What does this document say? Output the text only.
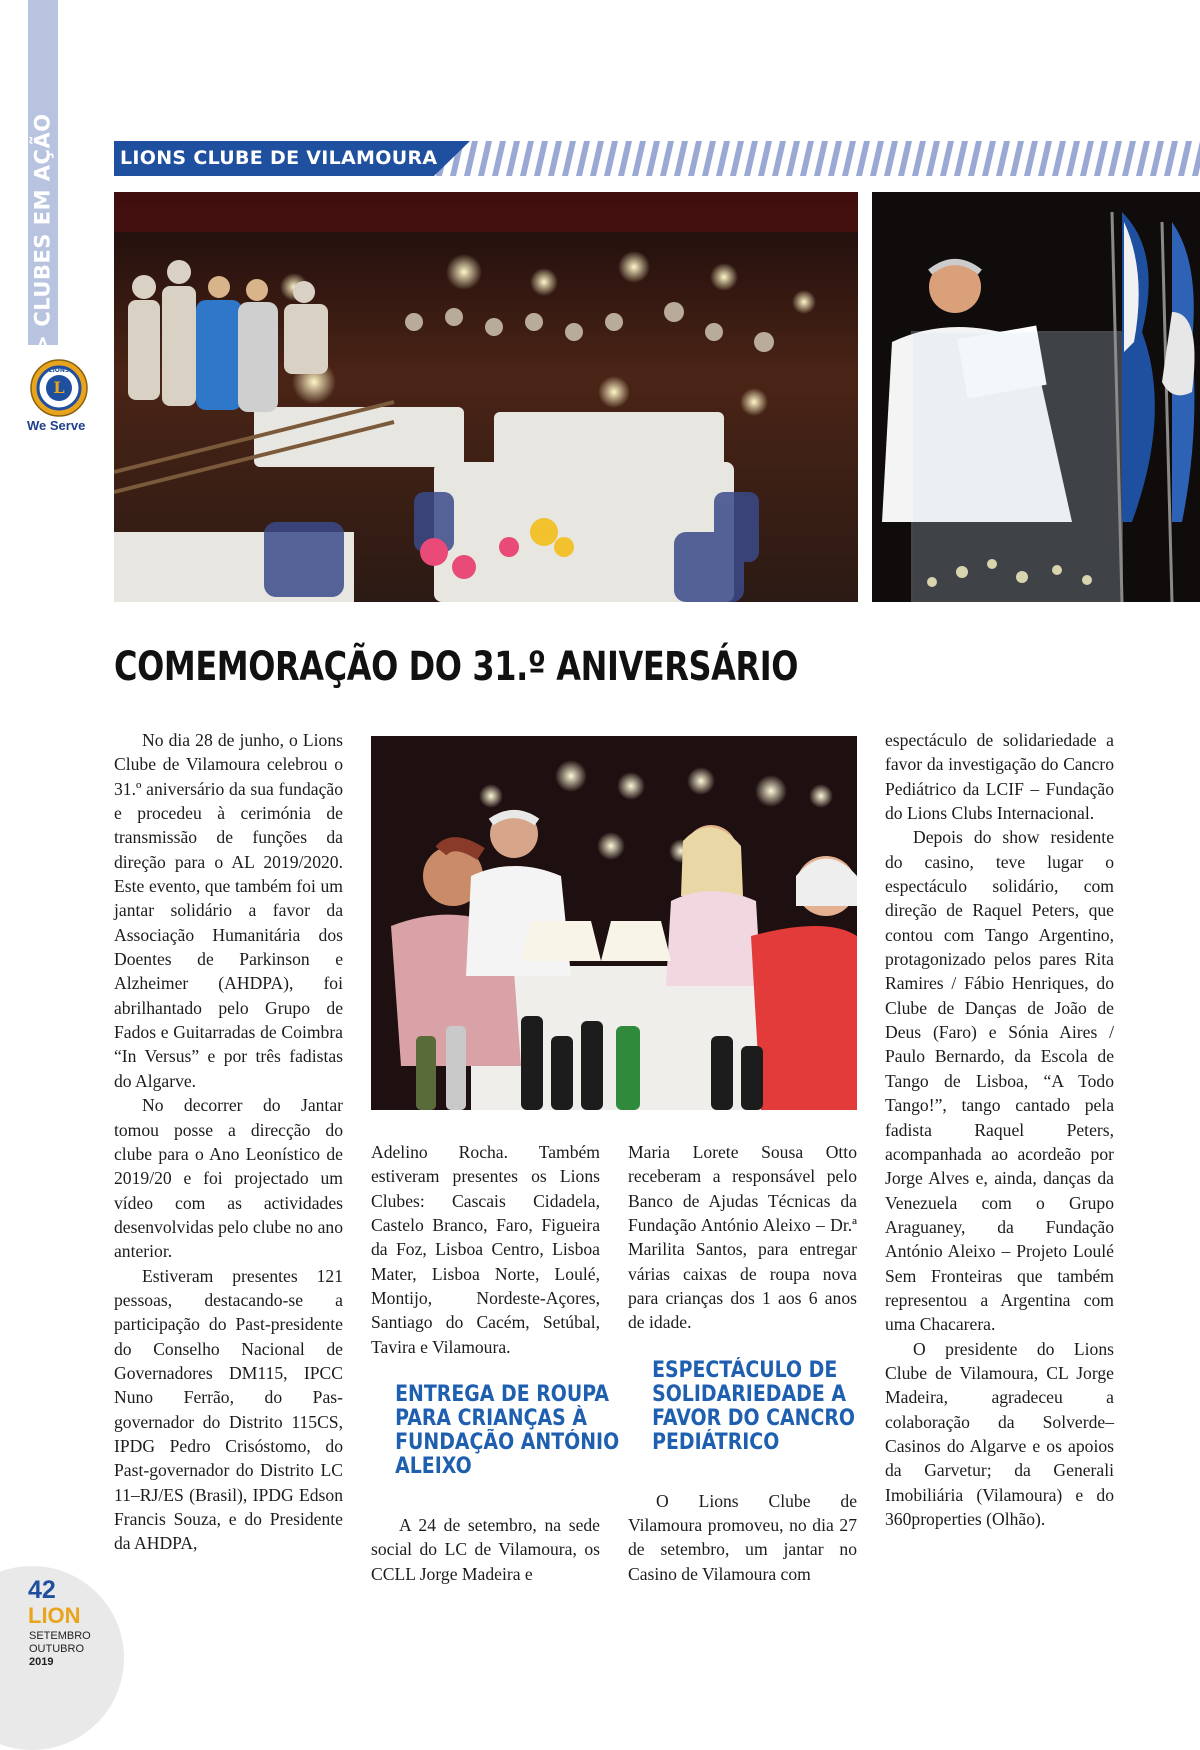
> CLUBES EM AÇÃO
L
LIONS
We Serve
LIONS CLUBE DE VILAMOURA
COMEMORAÇÃO DO 31.º ANIVERSÁRIO

No dia 28 de junho, o Lions Clube de Vilamoura celebrou o 31.º aniversário da sua fundação e procedeu à cerimónia de transmissão de funções da direção para o AL 2019/2020. Este evento, que também foi um jantar solidário a favor da Associação Humanitária dos Doentes de Parkinson e Alzheimer (AHDPA), foi abrilhantado pelo Grupo de Fados e Guitarradas de Coimbra “In Versus” e por três fadistas do Algarve.

No decorrer do Jantar tomou posse a direcção do clube para o Ano Leonístico de 2019/20 e foi projectado um vídeo com as actividades desenvolvidas pelo clube no ano anterior.

Estiveram presentes 121 pessoas, destacando-se a participação do Past-presidente do Conselho Nacional de Governadores DM115, IPCC Nuno Ferrão, do Pas-governador do Distrito 115CS, IPDG Pedro Crisóstomo, do Past-governador do Distrito LC 11–RJ/ES (Brasil), IPDG Edson Francis Souza, e do Presidente da AHDPA,

Adelino Rocha. Também estiveram presentes os Lions Clubes: Cascais Cidadela, Castelo Branco, Faro, Figueira da Foz, Lisboa Centro, Lisboa Mater, Lisboa Norte, Loulé, Montijo, Nordeste-Açores, Santiago do Cacém, Setúbal, Tavira e Vilamoura.

ENTREGA DE ROUPA

PARA CRIANÇAS À

FUNDAÇÃO ANTÓNIO

ALEIXO

A 24 de setembro, na sede social do LC de Vilamoura, os CCLL Jorge Madeira e

Maria Lorete Sousa Otto receberam a responsável pelo Banco de Ajudas Técnicas da Fundação António Aleixo – Dr.ª Marilita Santos, para entregar várias caixas de roupa nova para crianças dos 1 aos 6 anos de idade.

ESPECTÁCULO DE

SOLIDARIEDADE A

FAVOR DO CANCRO

PEDIÁTRICO

O Lions Clube de Vilamoura promoveu, no dia 27 de setembro, um jantar no Casino de Vilamoura com

espectáculo de solidariedade a favor da investigação do Cancro Pediátrico da LCIF – Fundação do Lions Clubs Internacional.

Depois do show residente do casino, teve lugar o espectáculo solidário, com direção de Raquel Peters, que contou com Tango Argentino, protagonizado pelos pares Rita Ramires / Fábio Henriques, do Clube de Danças de João de Deus (Faro) e Sónia Aires / Paulo Bernardo, da Escola de Tango de Lisboa, “A Todo Tango!”, tango cantado pela fadista Raquel Peters, acompanhada ao acordeão por Jorge Alves e, ainda, danças da Venezuela com o Grupo Araguaney, da Fundação António Aleixo – Projeto Loulé Sem Fronteiras que também representou a Argentina com uma Chacarera.

O presidente do Lions Clube de Vilamoura, CL Jorge Madeira, agradeceu a colaboração da Solverde–Casinos do Algarve e os apoios da Garvetur; da Generali Imobiliária (Vilamoura) e do 360properties (Olhão).

42
LION
SETEMBRO
OUTUBRO
2019
